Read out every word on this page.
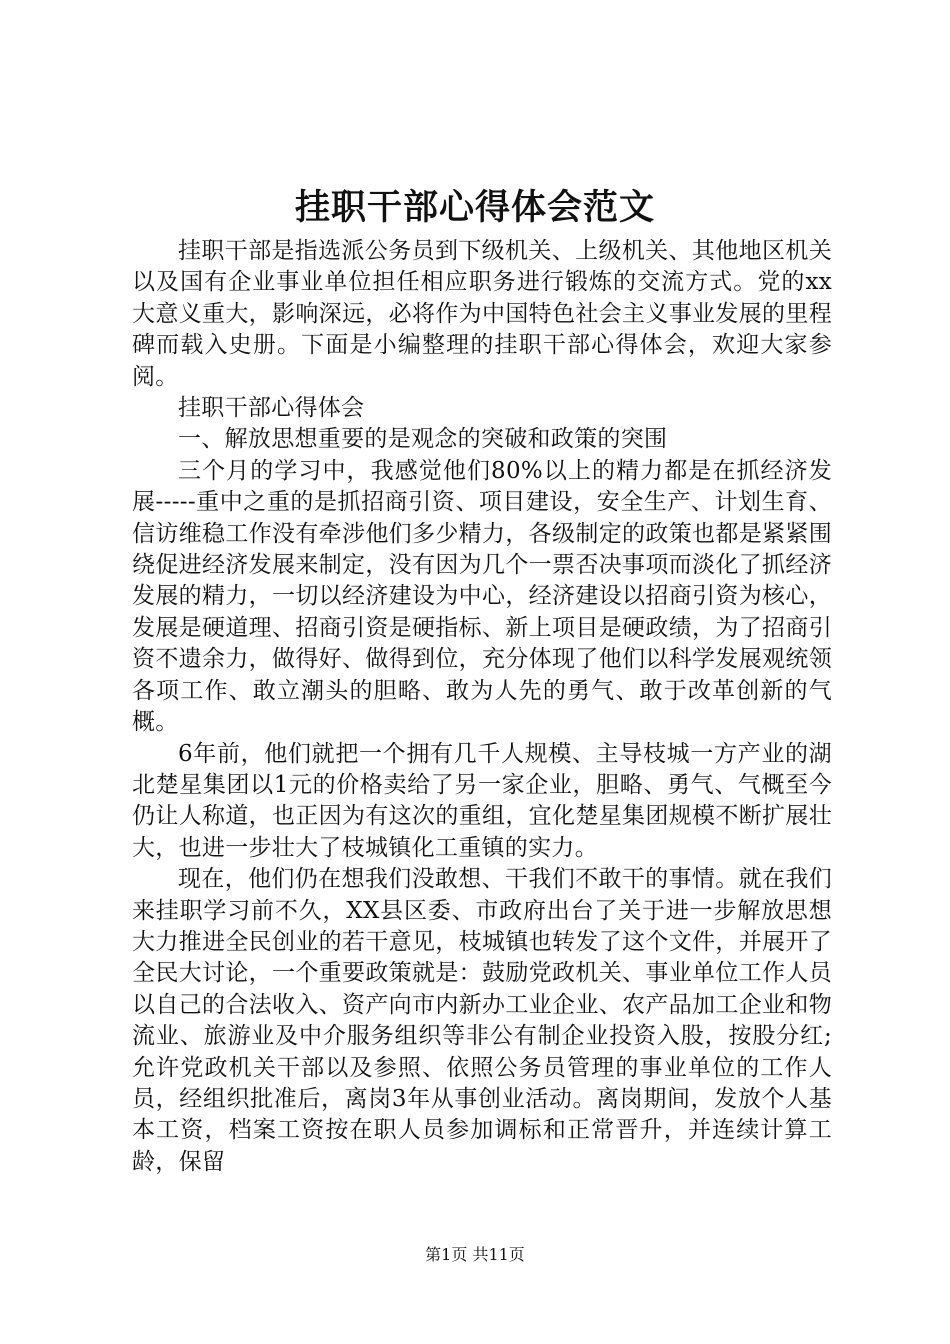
挂职干部心得体会范文

挂职干部是指选派公务员到下级机关、上级机关、其他地区机关以及国有企业事业单位担任相应职务进行锻炼的交流方式。党的xx大意义重大，影响深远，必将作为中国特色社会主义事业发展的里程碑而载入史册。下面是小编整理的挂职干部心得体会，欢迎大家参阅。

挂职干部心得体会

一、解放思想重要的是观念的突破和政策的突围

三个月的学习中，我感觉他们80%以上的精力都是在抓经济发展-----重中之重的是抓招商引资、项目建设，安全生产、计划生育、信访维稳工作没有牵涉他们多少精力，各级制定的政策也都是紧紧围绕促进经济发展来制定，没有因为几个一票否决事项而淡化了抓经济发展的精力，一切以经济建设为中心，经济建设以招商引资为核心，发展是硬道理、招商引资是硬指标、新上项目是硬政绩，为了招商引资不遗余力，做得好、做得到位，充分体现了他们以科学发展观统领各项工作、敢立潮头的胆略、敢为人先的勇气、敢于改革创新的气概。

6年前，他们就把一个拥有几千人规模、主导枝城一方产业的湖北楚星集团以1元的价格卖给了另一家企业，胆略、勇气、气概至今仍让人称道，也正因为有这次的重组，宜化楚星集团规模不断扩展壮大，也进一步壮大了枝城镇化工重镇的实力。

现在，他们仍在想我们没敢想、干我们不敢干的事情。就在我们来挂职学习前不久，XX县区委、市政府出台了关于进一步解放思想大力推进全民创业的若干意见，枝城镇也转发了这个文件，并展开了全民大讨论，一个重要政策就是：鼓励党政机关、事业单位工作人员以自己的合法收入、资产向市内新办工业企业、农产品加工企业和物流业、旅游业及中介服务组织等非公有制企业投资入股，按股分红;允许党政机关干部以及参照、依照公务员管理的事业单位的工作人员，经组织批准后，离岗3年从事创业活动。离岗期间，发放个人基本工资，档案工资按在职人员参加调标和正常晋升，并连续计算工龄，保留

第1页 共11页
